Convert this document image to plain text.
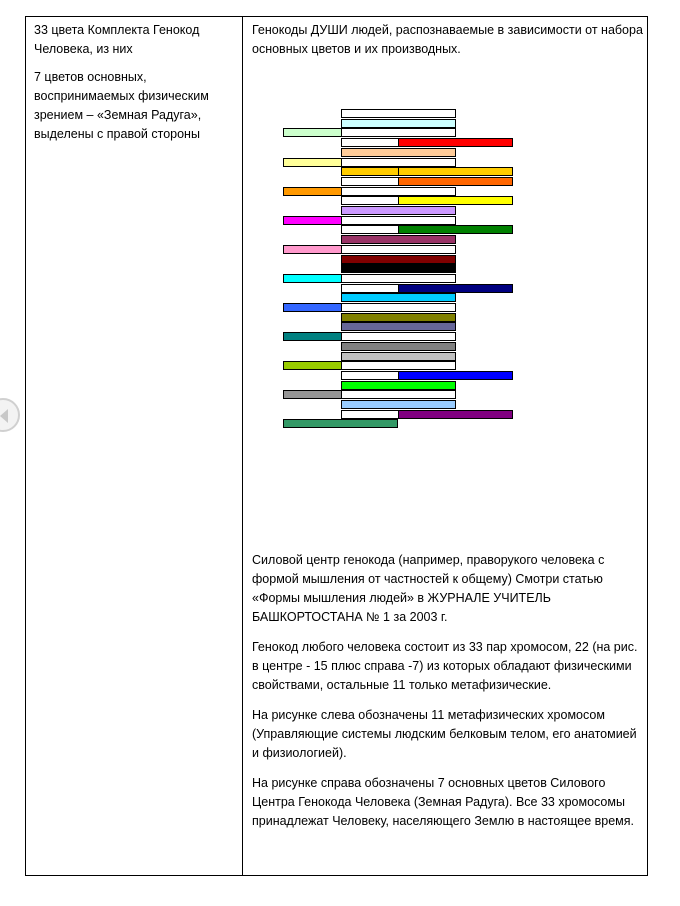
33 цвета Комплекта Генокод Человека, из них

7 цветов основных, воспринимаемых физическим зрением – «Земная Радуга», выделены с правой стороны

Генокоды ДУШИ людей, распознаваемые в зависимости от набора основных цветов и их производных.

Силовой центр генокода (например, праворукого человека с формой мышления от частностей к общему) Смотри статью «Формы мышления людей» в ЖУРНАЛЕ УЧИТЕЛЬ БАШКОРТОСТАНА № 1 за 2003 г.

Генокод любого человека состоит из 33 пар хромосом, 22 (на рис. в центре - 15 плюс справа -7) из которых обладают физическими свойствами, остальные 11 только метафизические.

На рисунке слева обозначены 11 метафизических хромосом (Управляющие системы людским белковым телом, его анатомией и физиологией).

На рисунке справа обозначены 7 основных цветов Силового Центра Генокода Человека (Земная Радуга). Все 33 хромосомы принадлежат Человеку, населяющего Землю в настоящее время.
